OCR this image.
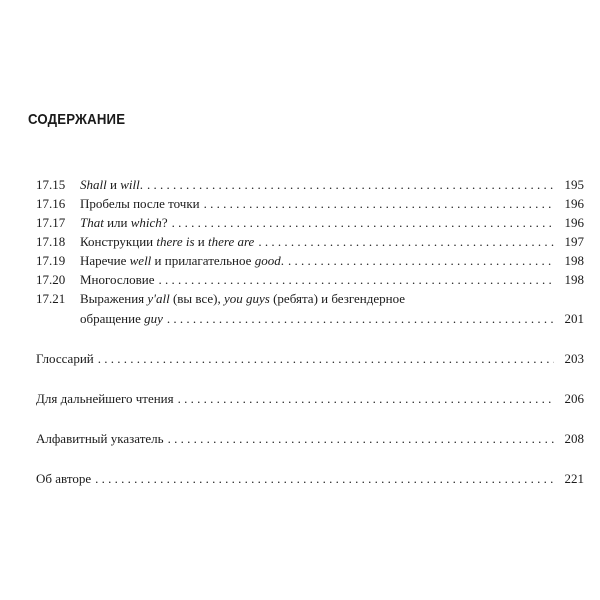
СОДЕРЖАНИЕ
17.15	Shall и will. . . .	195
17.16	Пробелы после точки . . .	196
17.17	That или which? . . .	196
17.18	Конструкции there is и there are . . .	197
17.19	Наречие well и прилагательное good. . . .	198
17.20	Многословие . . .	198
17.21	Выражения y'all (вы все), you guys (ребята) и безгендерное
обращение guy . . .	201
Глоссарий . . .	203
Для дальнейшего чтения . . .	206
Алфавитный указатель . . .	208
Об авторе . . .	221
